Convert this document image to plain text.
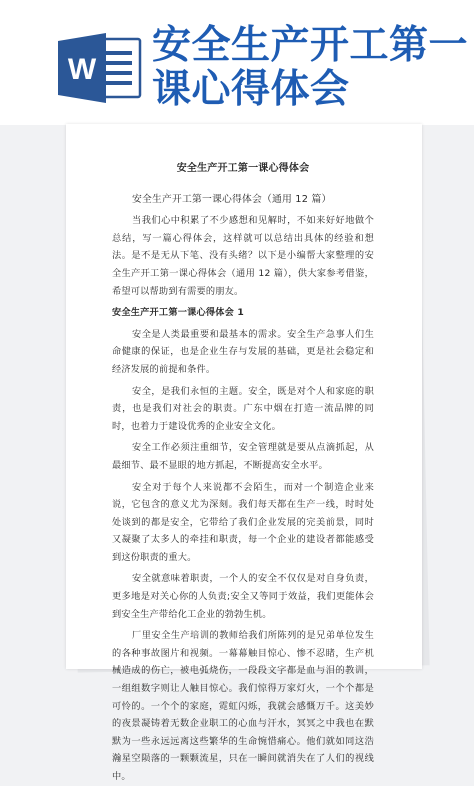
W
安全生产开工第一
课心得体会
安全生产开工第一课心得体会
安全生产开工第一课心得体会（通用 12 篇）
当我们心中积累了不少感想和见解时，不如来好好地做个总结，写一篇心得体会，这样就可以总结出具体的经验和想法。是不是无从下笔、没有头绪？以下是小编帮大家整理的安全生产开工第一课心得体会（通用 12 篇），供大家参考借鉴，希望可以帮助到有需要的朋友。
安全生产开工第一课心得体会 1
安全是人类最重要和最基本的需求。安全生产急事人们生命健康的保证，也是企业生存与发展的基础，更是社会稳定和经济发展的前提和条件。
安全，是我们永恒的主题。安全，既是对个人和家庭的职责，也是我们对社会的职责。广东中烟在打造一流品牌的同时，也着力于建设优秀的企业安全文化。
安全工作必须注重细节，安全管理就是要从点滴抓起，从最细节、最不显眼的地方抓起，不断提高安全水平。
安全对于每个人来说都不会陌生，而对一个制造企业来说，它包含的意义尤为深刻。我们每天都在生产一线，时时处处谈到的都是安全，它带给了我们企业发展的完美前景，同时又凝聚了太多人的牵挂和职责，每一个企业的建设者都能感受到这份职责的重大。
安全就意味着职责，一个人的安全不仅仅是对自身负责，更多地是对关心你的人负责;安全又等同于效益，我们更能体会到安全生产带给化工企业的勃勃生机。
厂里安全生产培训的教师给我们所陈列的是兄弟单位发生的各种事故图片和视频。一幕幕触目惊心、惨不忍睹，生产机械造成的伤亡，被电弧烧伤，一段段文字都是血与泪的教训，一组组数字则让人触目惊心。我们惊得万家灯火，一个个都是可怜的。一个个的家庭，霓虹闪烁，我就会感慨万千。这美妙的夜景凝铸着无数企业职工的心血与汗水，冥冥之中我也在默默为一些永远远离这些繁华的生命惋惜痛心。他们就如同这浩瀚星空陨落的一颗颗流星，只在一瞬间就消失在了人们的视线中。
